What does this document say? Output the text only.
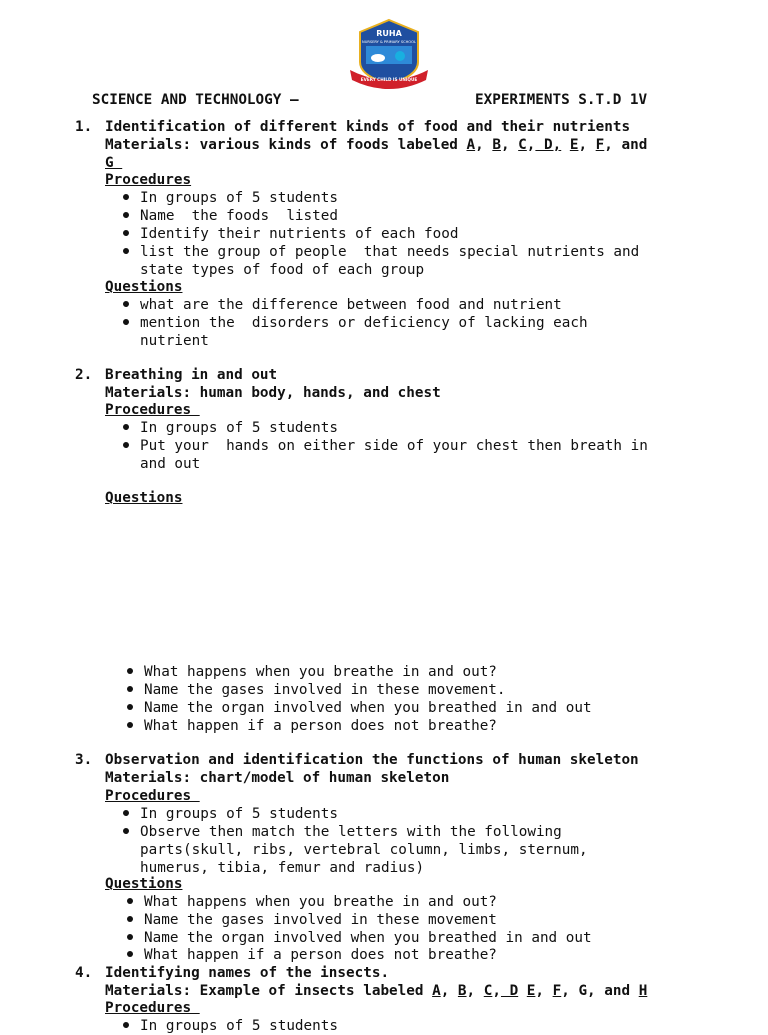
RUHA
NURSERY & PRIMARY SCHOOL
EVERY CHILD IS UNIQUE
SCIENCE AND TECHNOLOGY –	EXPERIMENTS S.T.D 1V
1. Identification of different kinds of food and their nutrients
Materials: various kinds of foods labeled A, B, C, D, E, F, and
G
Procedures
In groups of 5 students
Name  the foods  listed
Identify their nutrients of each food
list the group of people  that needs special nutrients and
state types of food of each group
Questions
what are the difference between food and nutrient
mention the  disorders or deficiency of lacking each
nutrient
2. Breathing in and out
Materials: human body, hands, and chest
Procedures
In groups of 5 students
Put your  hands on either side of your chest then breath in
and out
Questions
What happens when you breathe in and out?
Name the gases involved in these movement.
Name the organ involved when you breathed in and out
What happen if a person does not breathe?
3. Observation and identification the functions of human skeleton
Materials: chart/model of human skeleton
Procedures
In groups of 5 students
Observe then match the letters with the following
parts(skull, ribs, vertebral column, limbs, sternum,
humerus, tibia, femur and radius)
Questions
What happens when you breathe in and out?
Name the gases involved in these movement
Name the organ involved when you breathed in and out
What happen if a person does not breathe?
4. Identifying names of the insects.
Materials: Example of insects labeled A, B, C, D E, F, G, and H
Procedures
In groups of 5 students
